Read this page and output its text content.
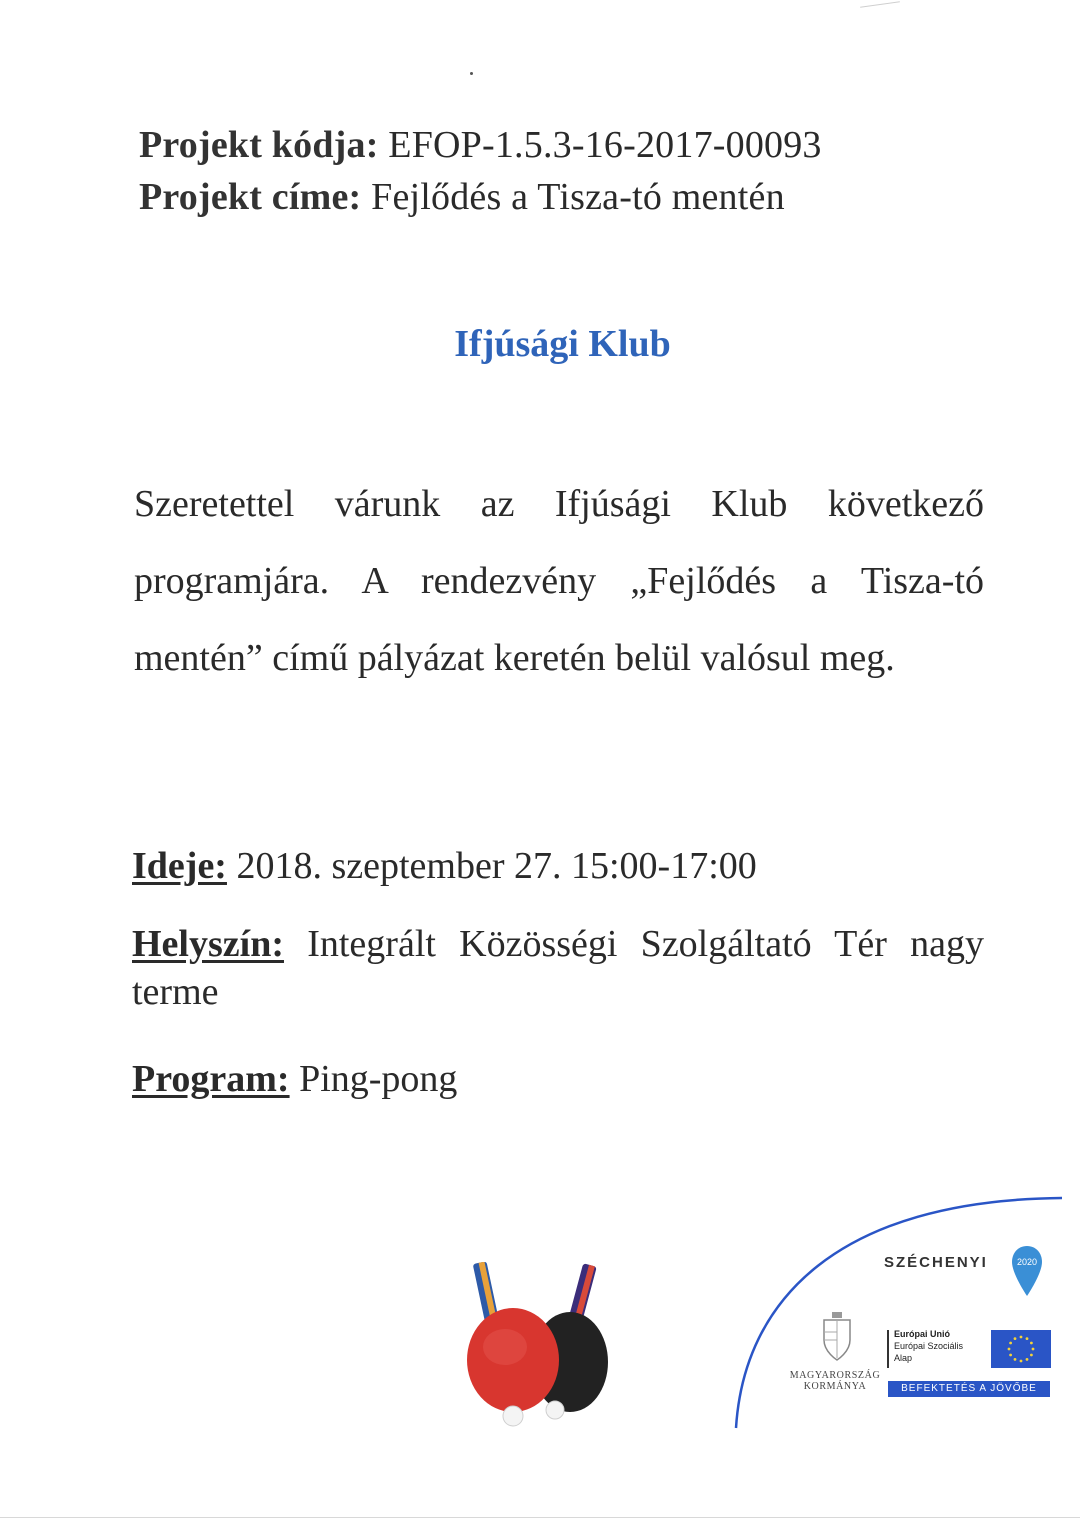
Projekt kódja: EFOP-1.5.3-16-2017-00093
Projekt címe: Fejlődés a Tisza-tó mentén
Ifjúsági Klub
Szeretettel várunk az Ifjúsági Klub következő programjára. A rendezvény „Fejlődés a Tisza-tó mentén” című pályázat keretén belül valósul meg.
Ideje: 2018. szeptember 27. 15:00-17:00
Helyszín: Integrált Közösségi Szolgáltató Tér nagy terme
Program: Ping-pong
SZÉCHENYI	2020
MAGYARORSZÁG KORMÁNYA
Európai Unió
Európai Szociális Alap
BEFEKTETÉS A JÖVŐBE
